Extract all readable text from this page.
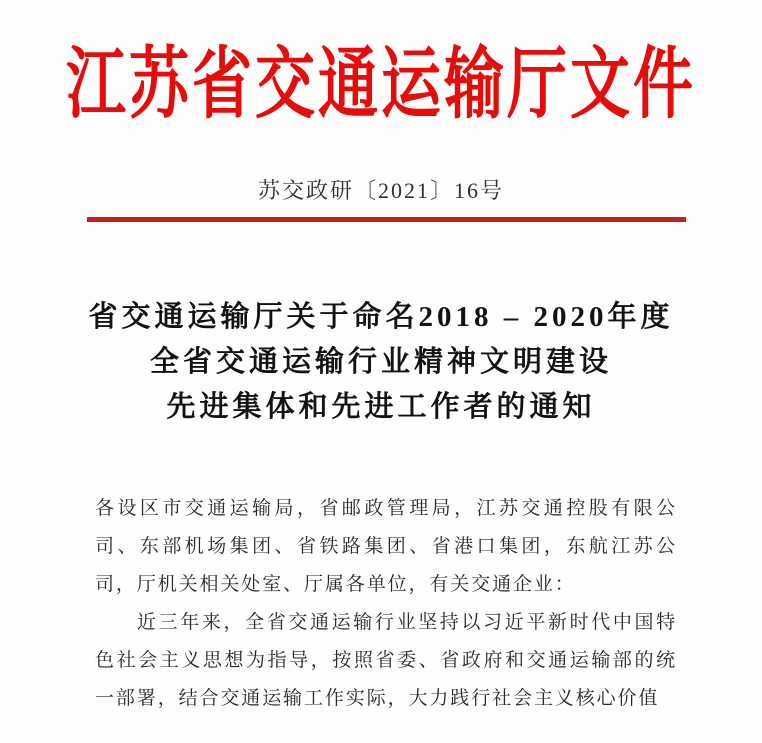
江苏省交通运输厅文件
苏交政研〔2021〕16号
省交通运输厅关于命名2018 – 2020年度
全省交通运输行业精神文明建设
先进集体和先进工作者的通知

各设区市交通运输局，省邮政管理局，江苏交通控股有限公司、东部机场集团、省铁路集团、省港口集团，东航江苏公司，厅机关相关处室、厅属各单位，有关交通企业：

近三年来，全省交通运输行业坚持以习近平新时代中国特色社会主义思想为指导，按照省委、省政府和交通运输部的统一部署，结合交通运输工作实际，大力践行社会主义核心价值
